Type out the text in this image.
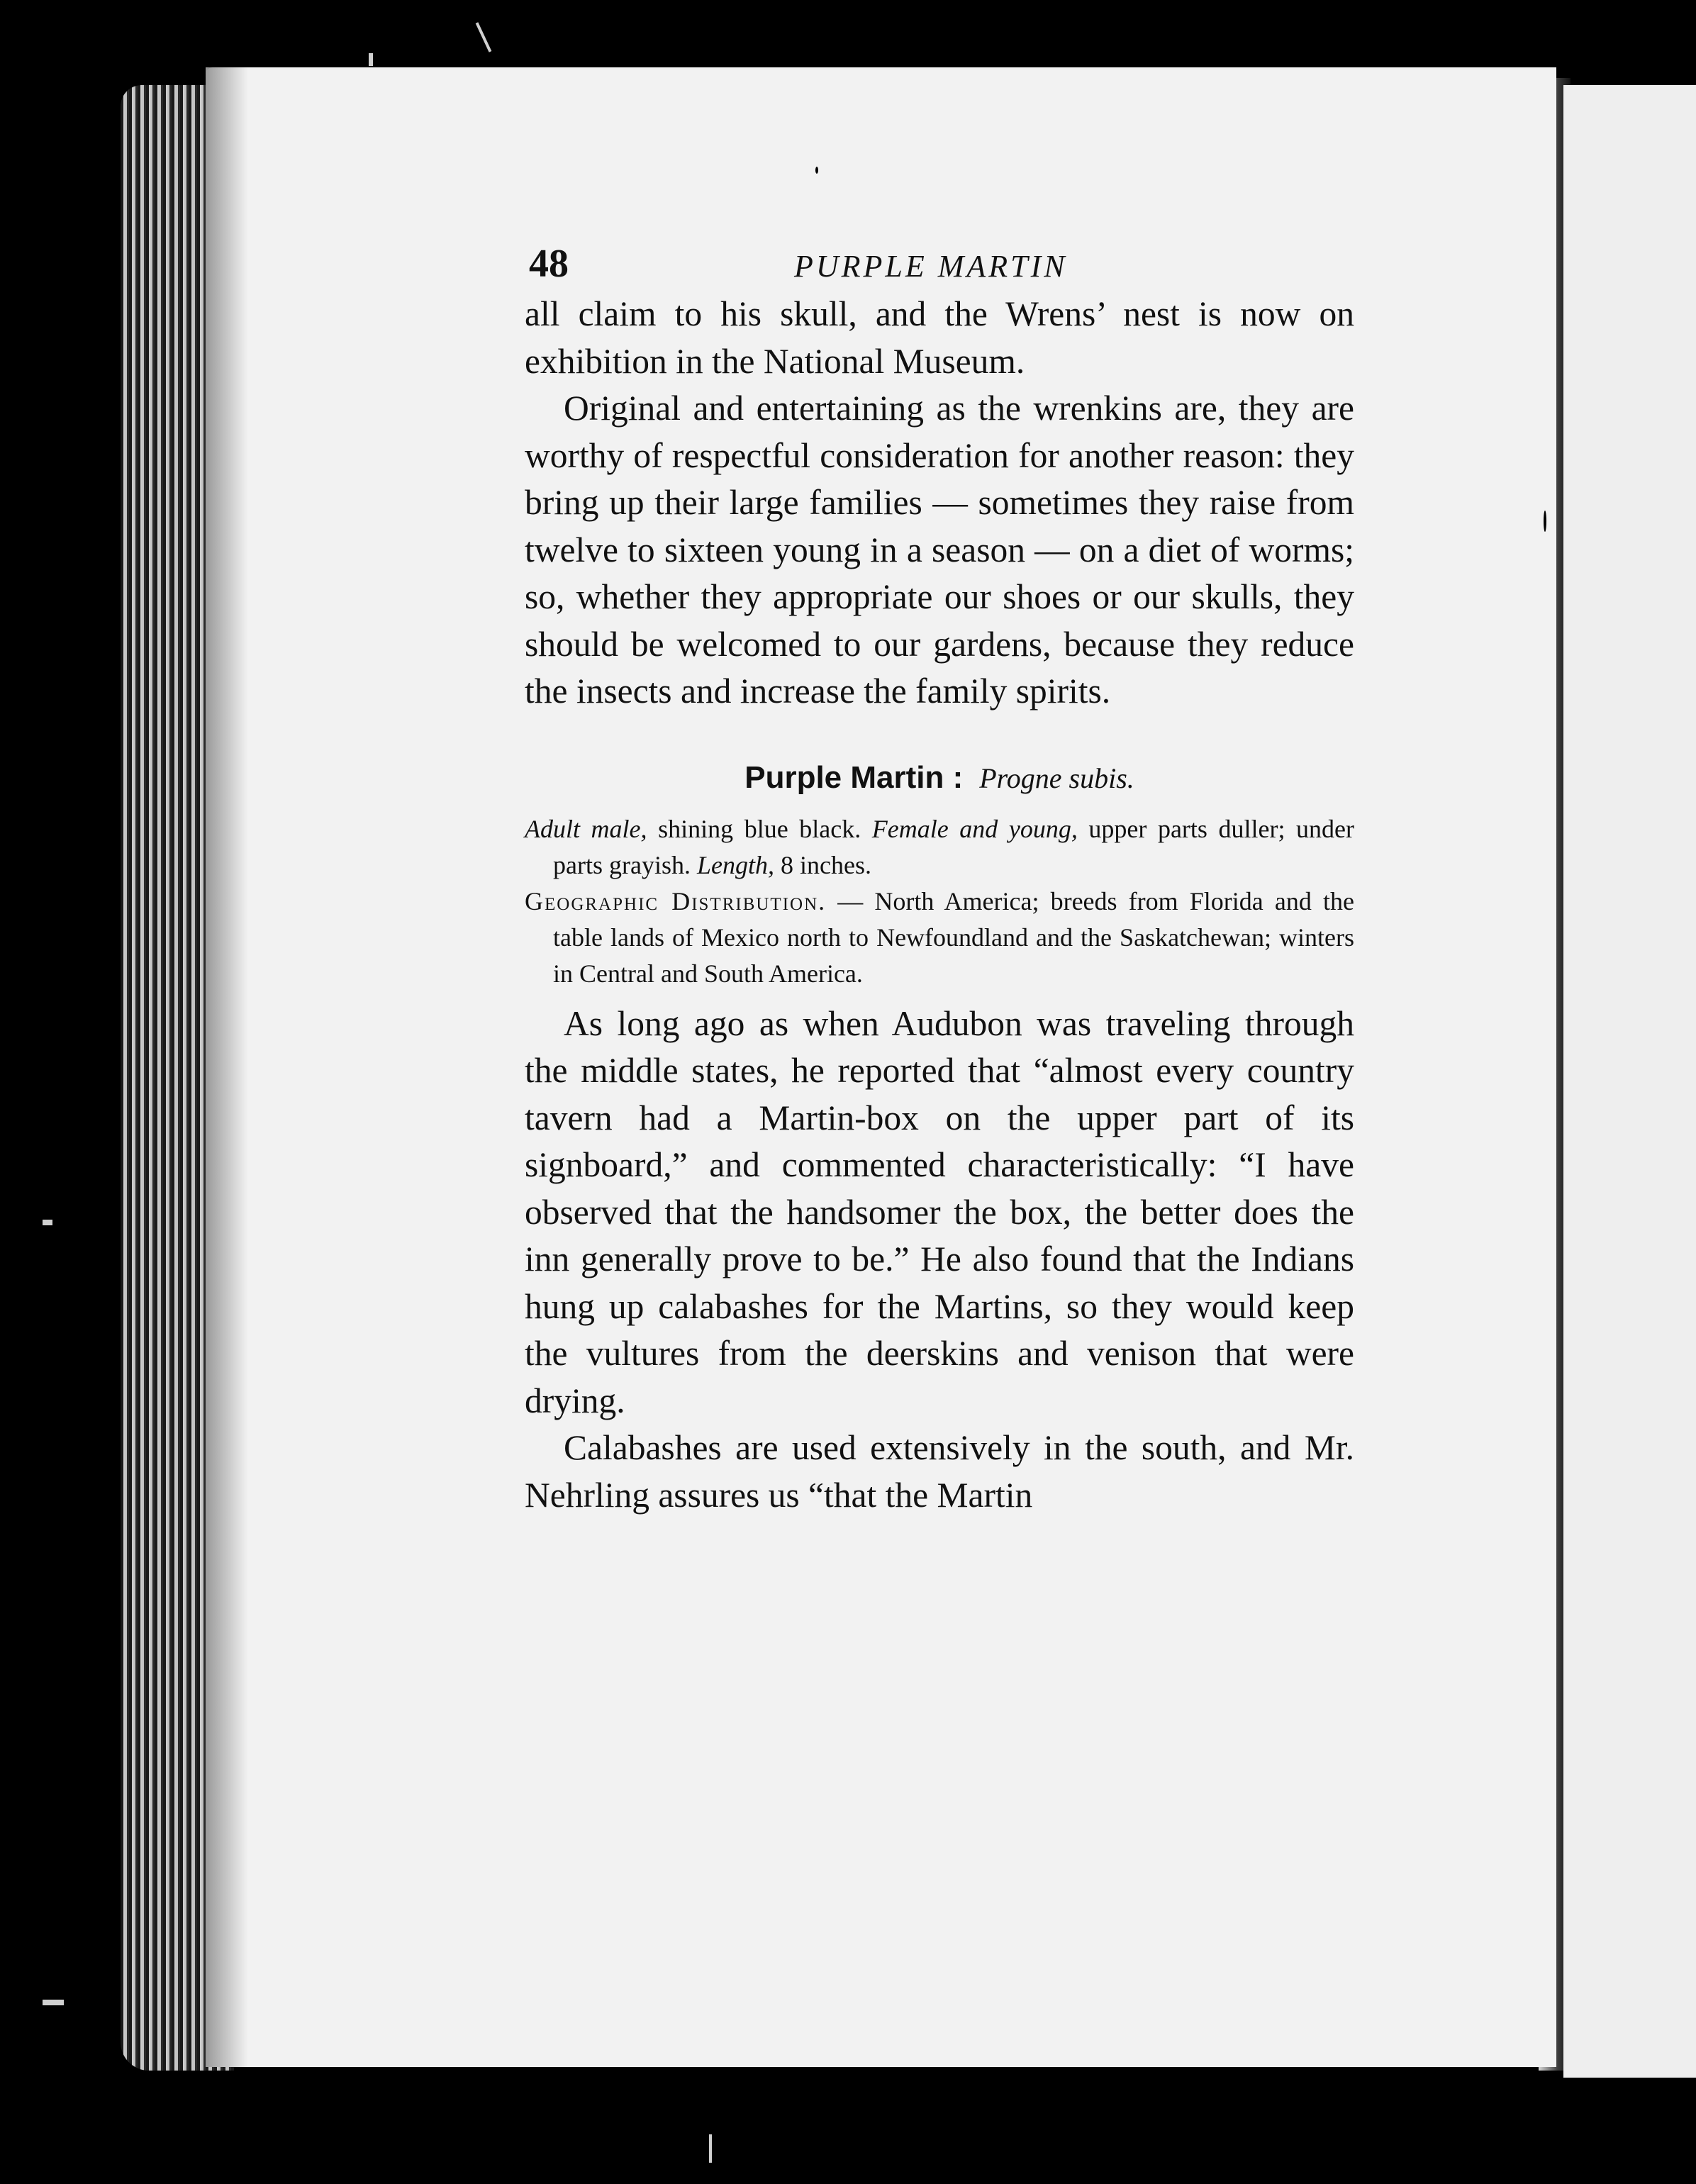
48	PURPLE MARTIN

all claim to his skull, and the Wrens’ nest is now on exhibition in the National Museum.

Original and entertaining as the wrenkins are, they are worthy of respectful consideration for another reason: they bring up their large families — sometimes they raise from twelve to sixteen young in a season — on a diet of worms; so, whether they appropriate our shoes or our skulls, they should be welcomed to our gardens, because they reduce the insects and increase the family spirits.

Purple Martin : Progne subis.

Adult male, shining blue black. Female and young, upper parts duller; under parts grayish. Length, 8 inches.

Geographic Distribution. — North America; breeds from Florida and the table lands of Mexico north to Newfoundland and the Saskatchewan; winters in Central and South America.

As long ago as when Audubon was traveling through the middle states, he reported that “almost every country tavern had a Martin-box on the upper part of its signboard,” and commented characteristically: “I have observed that the handsomer the box, the better does the inn generally prove to be.” He also found that the Indians hung up calabashes for the Martins, so they would keep the vultures from the deerskins and venison that were drying.

Calabashes are used extensively in the south, and Mr. Nehrling assures us “that the Martin
